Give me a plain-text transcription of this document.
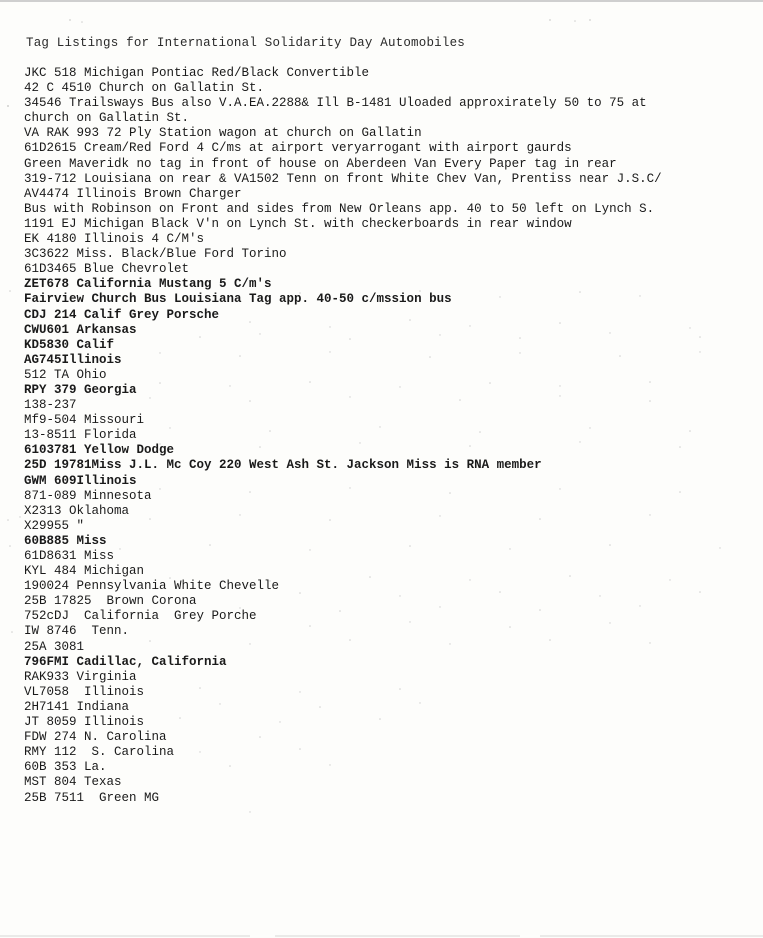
Tag Listings for International Solidarity Day Automobiles
JKC 518 Michigan Pontiac Red/Black Convertible
42 C 4510 Church on Gallatin St.
34546 Trailsways Bus also V.A.EA.2288& Ill B-1481 Uloaded approxirately 50 to 75 at
church on Gallatin St.
VA RAK 993 72 Ply Station wagon at church on Gallatin
61D2615 Cream/Red Ford 4 C/ms at airport veryarrogant with airport gaurds
Green Maveridk no tag in front of house on Aberdeen Van Every Paper tag in rear
319-712 Louisiana on rear & VA1502 Tenn on front White Chev Van, Prentiss near J.S.C/
AV4474 Illinois Brown Charger
Bus with Robinson on Front and sides from New Orleans app. 40 to 50 left on Lynch S.
1191 EJ Michigan Black V'n on Lynch St. with checkerboards in rear window
EK 4180 Illinois 4 C/M's
3C3622 Miss. Black/Blue Ford Torino
61D3465 Blue Chevrolet
ZET678 California Mustang 5 C/m's
Fairview Church Bus Louisiana Tag app. 40-50 c/mssion bus
CDJ 214 Calif Grey Porsche
CWU601 Arkansas
KD5830 Calif
AG745Illinois
512 TA Ohio
RPY 379 Georgia
138-237
Mf9-504 Missouri
13-8511 Florida
6103781 Yellow Dodge
25D 19781Miss J.L. Mc Coy 220 West Ash St. Jackson Miss is RNA member
GWM 609Illinois
871-089 Minnesota
X2313 Oklahoma
X29955 "
60B885 Miss
61D8631 Miss
KYL 484 Michigan
190024 Pennsylvania White Chevelle
25B 17825  Brown Corona
752cDJ  California  Grey Porche
IW 8746  Tenn.
25A 3081
796FMI Cadillac, California
RAK933 Virginia
VL7058  Illinois
2H7141 Indiana
JT 8059 Illinois
FDW 274 N. Carolina
RMY 112  S. Carolina
60B 353 La.
MST 804 Texas
25B 7511  Green MG
